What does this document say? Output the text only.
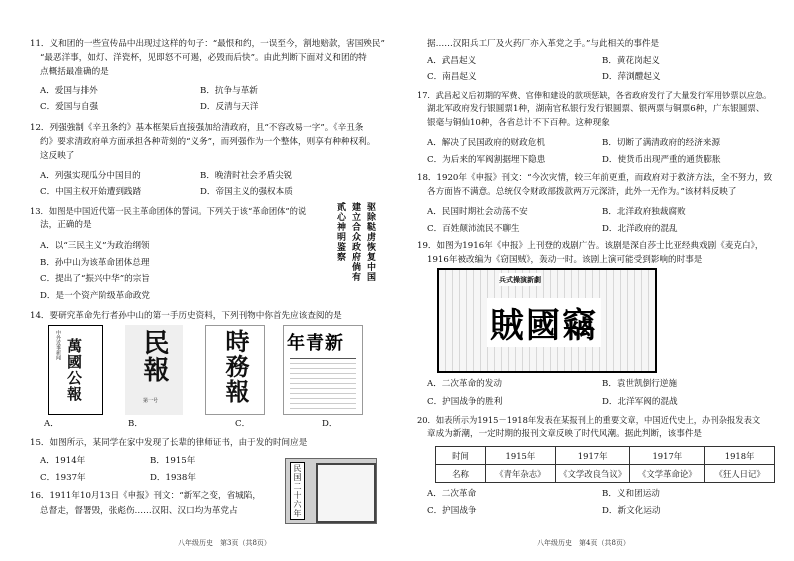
11．义和团的一些宣传品中出现过这样的句子：“最恨和约，一误至今，割地赔款，害国殃民”
“最恶洋事，如灯、洋瓷杯，见即怒不可遏，必毁而后快”。由此判断下面对义和团的特
点概括最准确的是
A．爱国与排外	B．抗争与革新
C．爱国与自强	D．反清与天洋
12．列强強制《辛丑条约》基本框架后直接强加给清政府，且“不容改易一字”。《辛丑条
约》要求清政府单方面承担各种苛刻的“义务”，而列强作为一个整体，则享有种种权利。
这反映了
A．列强实现瓜分中国目的	B．晚清时社会矛盾尖锐
C．中国主权开始遭到践踏	D．帝国主义的强权本质
13．如图是中国近代第一民主革命团体的誓词。下列关于该“革命团体”的说
法，正确的是
A．以“三民主义”为政治纲领
B．孙中山为该革命团体总理
C．提出了“振兴中华”的宗旨
D．是一个资产阶级革命政党
驱除鞑虏恢复中国
建立合众政府倘有
贰心神明鉴察
14．要研究革命先行者孙中山的第一手历史资料，下列刊物中你首先应该查阅的是
中外近事新闻 萬國公報
A．
民報
第一号
B．
時務報
C．
新青年
D．
15．如图所示，某同学在家中发现了长辈的律师证书，由于发的时间应是
A．1914年	B．1915年
C．1937年	D．1938年	民国二十六年
16．1911年10月13日《申报》刊文：“新军之变，省城陷，
总督走，督署毁，张彪伤……汉阳、汉口均为革党占
八年级历史　第3页（共8页）
据……汉阳兵工厂及火药厂亦入革党之手。”与此相关的事件是
A．武昌起义	B．黄花岗起义
C．南昌起义	D．萍浏醴起义
17．武昌起义后初期的军费、官俸和建设的款项惩缺，各省政府发行了大量发行军用钞票以应急。
湖北军政府发行银圆票1种，湖南官私银行发行银圆票、银两票与铜票6种，广东银圆票、
银毫与铜仙10种，各省总计不下百种。这种现象
A．解决了民国政府的财政危机	B．切断了满清政府的经济来源
C．为后来的军阀割据埋下隐患	D．使货币出现严重的通货膨胀
18．1920年《申报》刊文：“今次灾情，较三年前更重，而政府对于救济方法，全不努力，致
各方面皆不满意。总统仅令财政部拨款两万元深浒，此外一无作为。”该材料反映了
A．民国时期社会动荡不安	B．北洋政府独裁腐败
C．百姓颠沛流民不聊生	D．北洋政府的混乱
19．如图为1916年《申报》上刊登的戏剧广告。该剧是深自莎士比亚经典戏剧《麦克白》，
1916年被改编为《窃国贼》，轰动一时。该剧上演可能受到影响的时事是
兵式操演新劇
賊國竊
A．二次革命的发动	B．袁世凯倒行逆施
C．护国战争的胜利	D．北洋军阀的混战
20．如表所示为1915－1918年发表在某报刊上的重要文章，中国近代史上，办刊杂报发表文
章成为新潮，一定时期的报刊文章反映了时代风潮。据此判断，该事件是
时间	1915年	1917年	1917年	1918年
名称	《青年杂志》	《文学改良刍议》	《文学革命论》	《狂人日记》
A．二次革命	B．义和团运动
C．护国战争	D．新文化运动
八年级历史　第4页（共8页）
